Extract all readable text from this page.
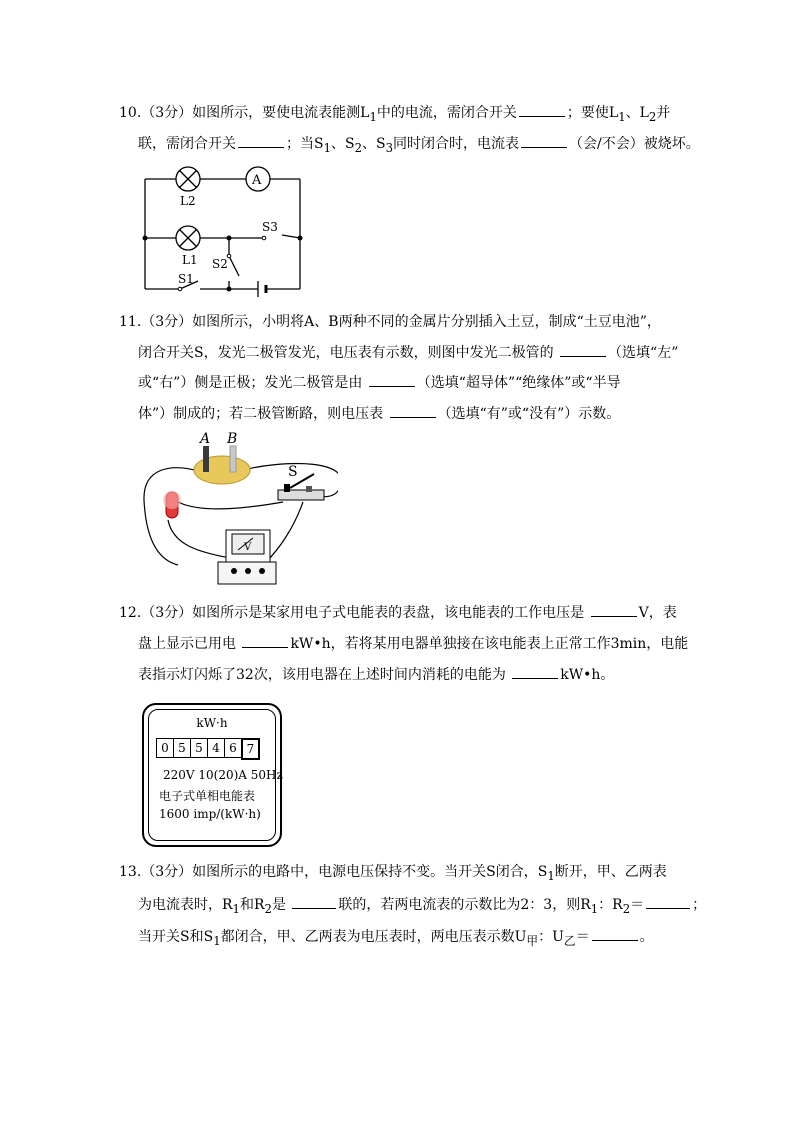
10.（3分）如图所示，要使电流表能测$L_1$中的电流，需闭合开关	；要使$L_1$、$L_2$并
联，需闭合开关	；当$S_1$、$S_2$、$S_3$同时闭合时，电流表	（会/不会）被烧坏。
A
L2
L1
S3
S2
S1
11.（3分）如图所示，小明将A、B两种不同的金属片分别插入土豆，制成“土豆电池”，
闭合开关S，发光二极管发光，电压表有示数，则图中发光二极管的	（选填“左”
或“右”）侧是正极；发光二极管是由	（选填“超导体”“绝缘体”或“半导
体”）制成的；若二极管断路，则电压表	（选填“有”或“没有”）示数。
A B
S
V
12.（3分）如图所示是某家用电子式电能表的表盘，该电能表的工作电压是	V，表
盘上显示已用电	kW•h，若将某用电器单独接在该电能表上正常工作3min，电能
表指示灯闪烁了32次，该用电器在上述时间内消耗的电能为	kW•h。
kW·h
0 5 5 4 6 7
220V 10(20)A 50Hz
电子式单相电能表
1600 imp/(kW·h)
13.（3分）如图所示的电路中，电源电压保持不变。当开关S闭合，$S_1$断开，甲、乙两表
为电流表时，$R_1$和$R_2$是	联的，若两电流表的示数比为2：3，则$R_1$：$R_2=$	；
当开关S和$S_1$都闭合，甲、乙两表为电压表时，两电压表示数$U_甲$：$U_乙=$	。
